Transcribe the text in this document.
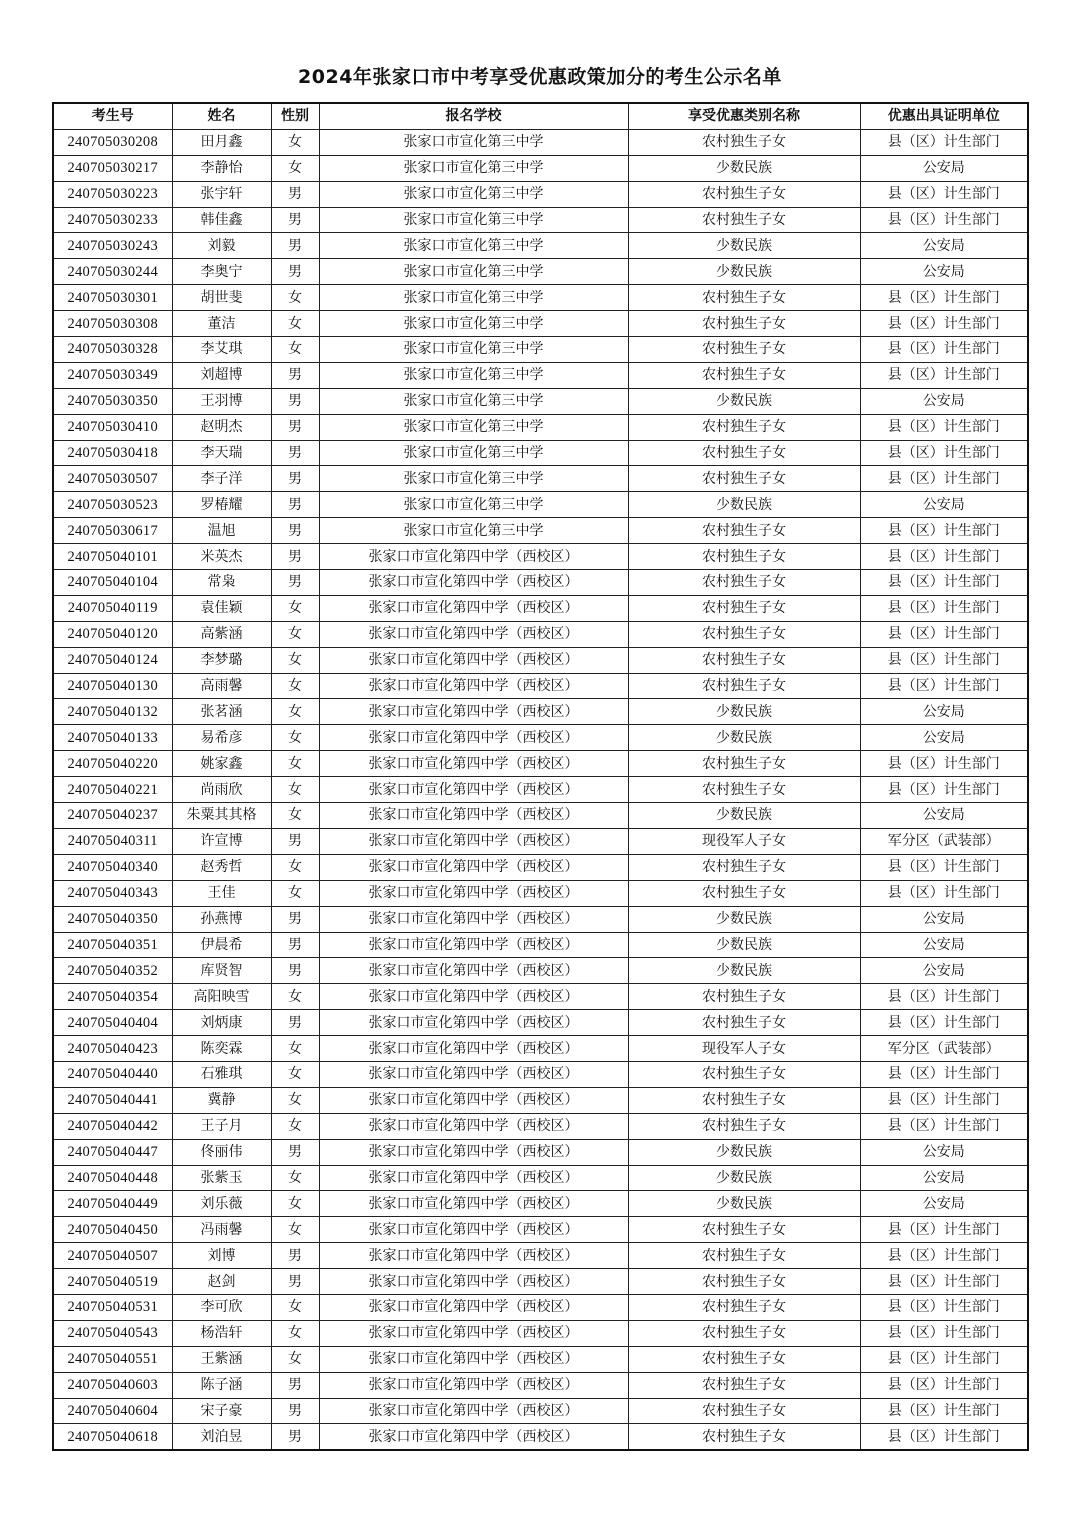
2024年张家口市中考享受优惠政策加分的考生公示名单
考生号	姓名	性别	报名学校	享受优惠类别名称	优惠出具证明单位
240705030208	田月鑫	女	张家口市宣化第三中学	农村独生子女	县（区）计生部门
240705030217	李静怡	女	张家口市宣化第三中学	少数民族	公安局
240705030223	张宇轩	男	张家口市宣化第三中学	农村独生子女	县（区）计生部门
240705030233	韩佳鑫	男	张家口市宣化第三中学	农村独生子女	县（区）计生部门
240705030243	刘毅	男	张家口市宣化第三中学	少数民族	公安局
240705030244	李奥宁	男	张家口市宣化第三中学	少数民族	公安局
240705030301	胡世斐	女	张家口市宣化第三中学	农村独生子女	县（区）计生部门
240705030308	董洁	女	张家口市宣化第三中学	农村独生子女	县（区）计生部门
240705030328	李艾琪	女	张家口市宣化第三中学	农村独生子女	县（区）计生部门
240705030349	刘超博	男	张家口市宣化第三中学	农村独生子女	县（区）计生部门
240705030350	王羽博	男	张家口市宣化第三中学	少数民族	公安局
240705030410	赵明杰	男	张家口市宣化第三中学	农村独生子女	县（区）计生部门
240705030418	李天瑞	男	张家口市宣化第三中学	农村独生子女	县（区）计生部门
240705030507	李子洋	男	张家口市宣化第三中学	农村独生子女	县（区）计生部门
240705030523	罗椿耀	男	张家口市宣化第三中学	少数民族	公安局
240705030617	温旭	男	张家口市宣化第三中学	农村独生子女	县（区）计生部门
240705040101	米英杰	男	张家口市宣化第四中学（西校区）	农村独生子女	县（区）计生部门
240705040104	常枭	男	张家口市宣化第四中学（西校区）	农村独生子女	县（区）计生部门
240705040119	袁佳颖	女	张家口市宣化第四中学（西校区）	农村独生子女	县（区）计生部门
240705040120	高紫涵	女	张家口市宣化第四中学（西校区）	农村独生子女	县（区）计生部门
240705040124	李梦璐	女	张家口市宣化第四中学（西校区）	农村独生子女	县（区）计生部门
240705040130	高雨馨	女	张家口市宣化第四中学（西校区）	农村独生子女	县（区）计生部门
240705040132	张茗涵	女	张家口市宣化第四中学（西校区）	少数民族	公安局
240705040133	易希彦	女	张家口市宣化第四中学（西校区）	少数民族	公安局
240705040220	姚家鑫	女	张家口市宣化第四中学（西校区）	农村独生子女	县（区）计生部门
240705040221	尚雨欣	女	张家口市宣化第四中学（西校区）	农村独生子女	县（区）计生部门
240705040237	朱粟其其格	女	张家口市宣化第四中学（西校区）	少数民族	公安局
240705040311	许宣博	男	张家口市宣化第四中学（西校区）	现役军人子女	军分区（武装部）
240705040340	赵秀哲	女	张家口市宣化第四中学（西校区）	农村独生子女	县（区）计生部门
240705040343	王佳	女	张家口市宣化第四中学（西校区）	农村独生子女	县（区）计生部门
240705040350	孙燕博	男	张家口市宣化第四中学（西校区）	少数民族	公安局
240705040351	伊晨希	男	张家口市宣化第四中学（西校区）	少数民族	公安局
240705040352	库贤智	男	张家口市宣化第四中学（西校区）	少数民族	公安局
240705040354	高阳映雪	女	张家口市宣化第四中学（西校区）	农村独生子女	县（区）计生部门
240705040404	刘炳康	男	张家口市宣化第四中学（西校区）	农村独生子女	县（区）计生部门
240705040423	陈奕霖	女	张家口市宣化第四中学（西校区）	现役军人子女	军分区（武装部）
240705040440	石雅琪	女	张家口市宣化第四中学（西校区）	农村独生子女	县（区）计生部门
240705040441	冀静	女	张家口市宣化第四中学（西校区）	农村独生子女	县（区）计生部门
240705040442	王子月	女	张家口市宣化第四中学（西校区）	农村独生子女	县（区）计生部门
240705040447	佟丽伟	男	张家口市宣化第四中学（西校区）	少数民族	公安局
240705040448	张紫玉	女	张家口市宣化第四中学（西校区）	少数民族	公安局
240705040449	刘乐薇	女	张家口市宣化第四中学（西校区）	少数民族	公安局
240705040450	冯雨馨	女	张家口市宣化第四中学（西校区）	农村独生子女	县（区）计生部门
240705040507	刘博	男	张家口市宣化第四中学（西校区）	农村独生子女	县（区）计生部门
240705040519	赵剑	男	张家口市宣化第四中学（西校区）	农村独生子女	县（区）计生部门
240705040531	李可欣	女	张家口市宣化第四中学（西校区）	农村独生子女	县（区）计生部门
240705040543	杨浩轩	女	张家口市宣化第四中学（西校区）	农村独生子女	县（区）计生部门
240705040551	王紫涵	女	张家口市宣化第四中学（西校区）	农村独生子女	县（区）计生部门
240705040603	陈子涵	男	张家口市宣化第四中学（西校区）	农村独生子女	县（区）计生部门
240705040604	宋子豪	男	张家口市宣化第四中学（西校区）	农村独生子女	县（区）计生部门
240705040618	刘泊昱	男	张家口市宣化第四中学（西校区）	农村独生子女	县（区）计生部门
